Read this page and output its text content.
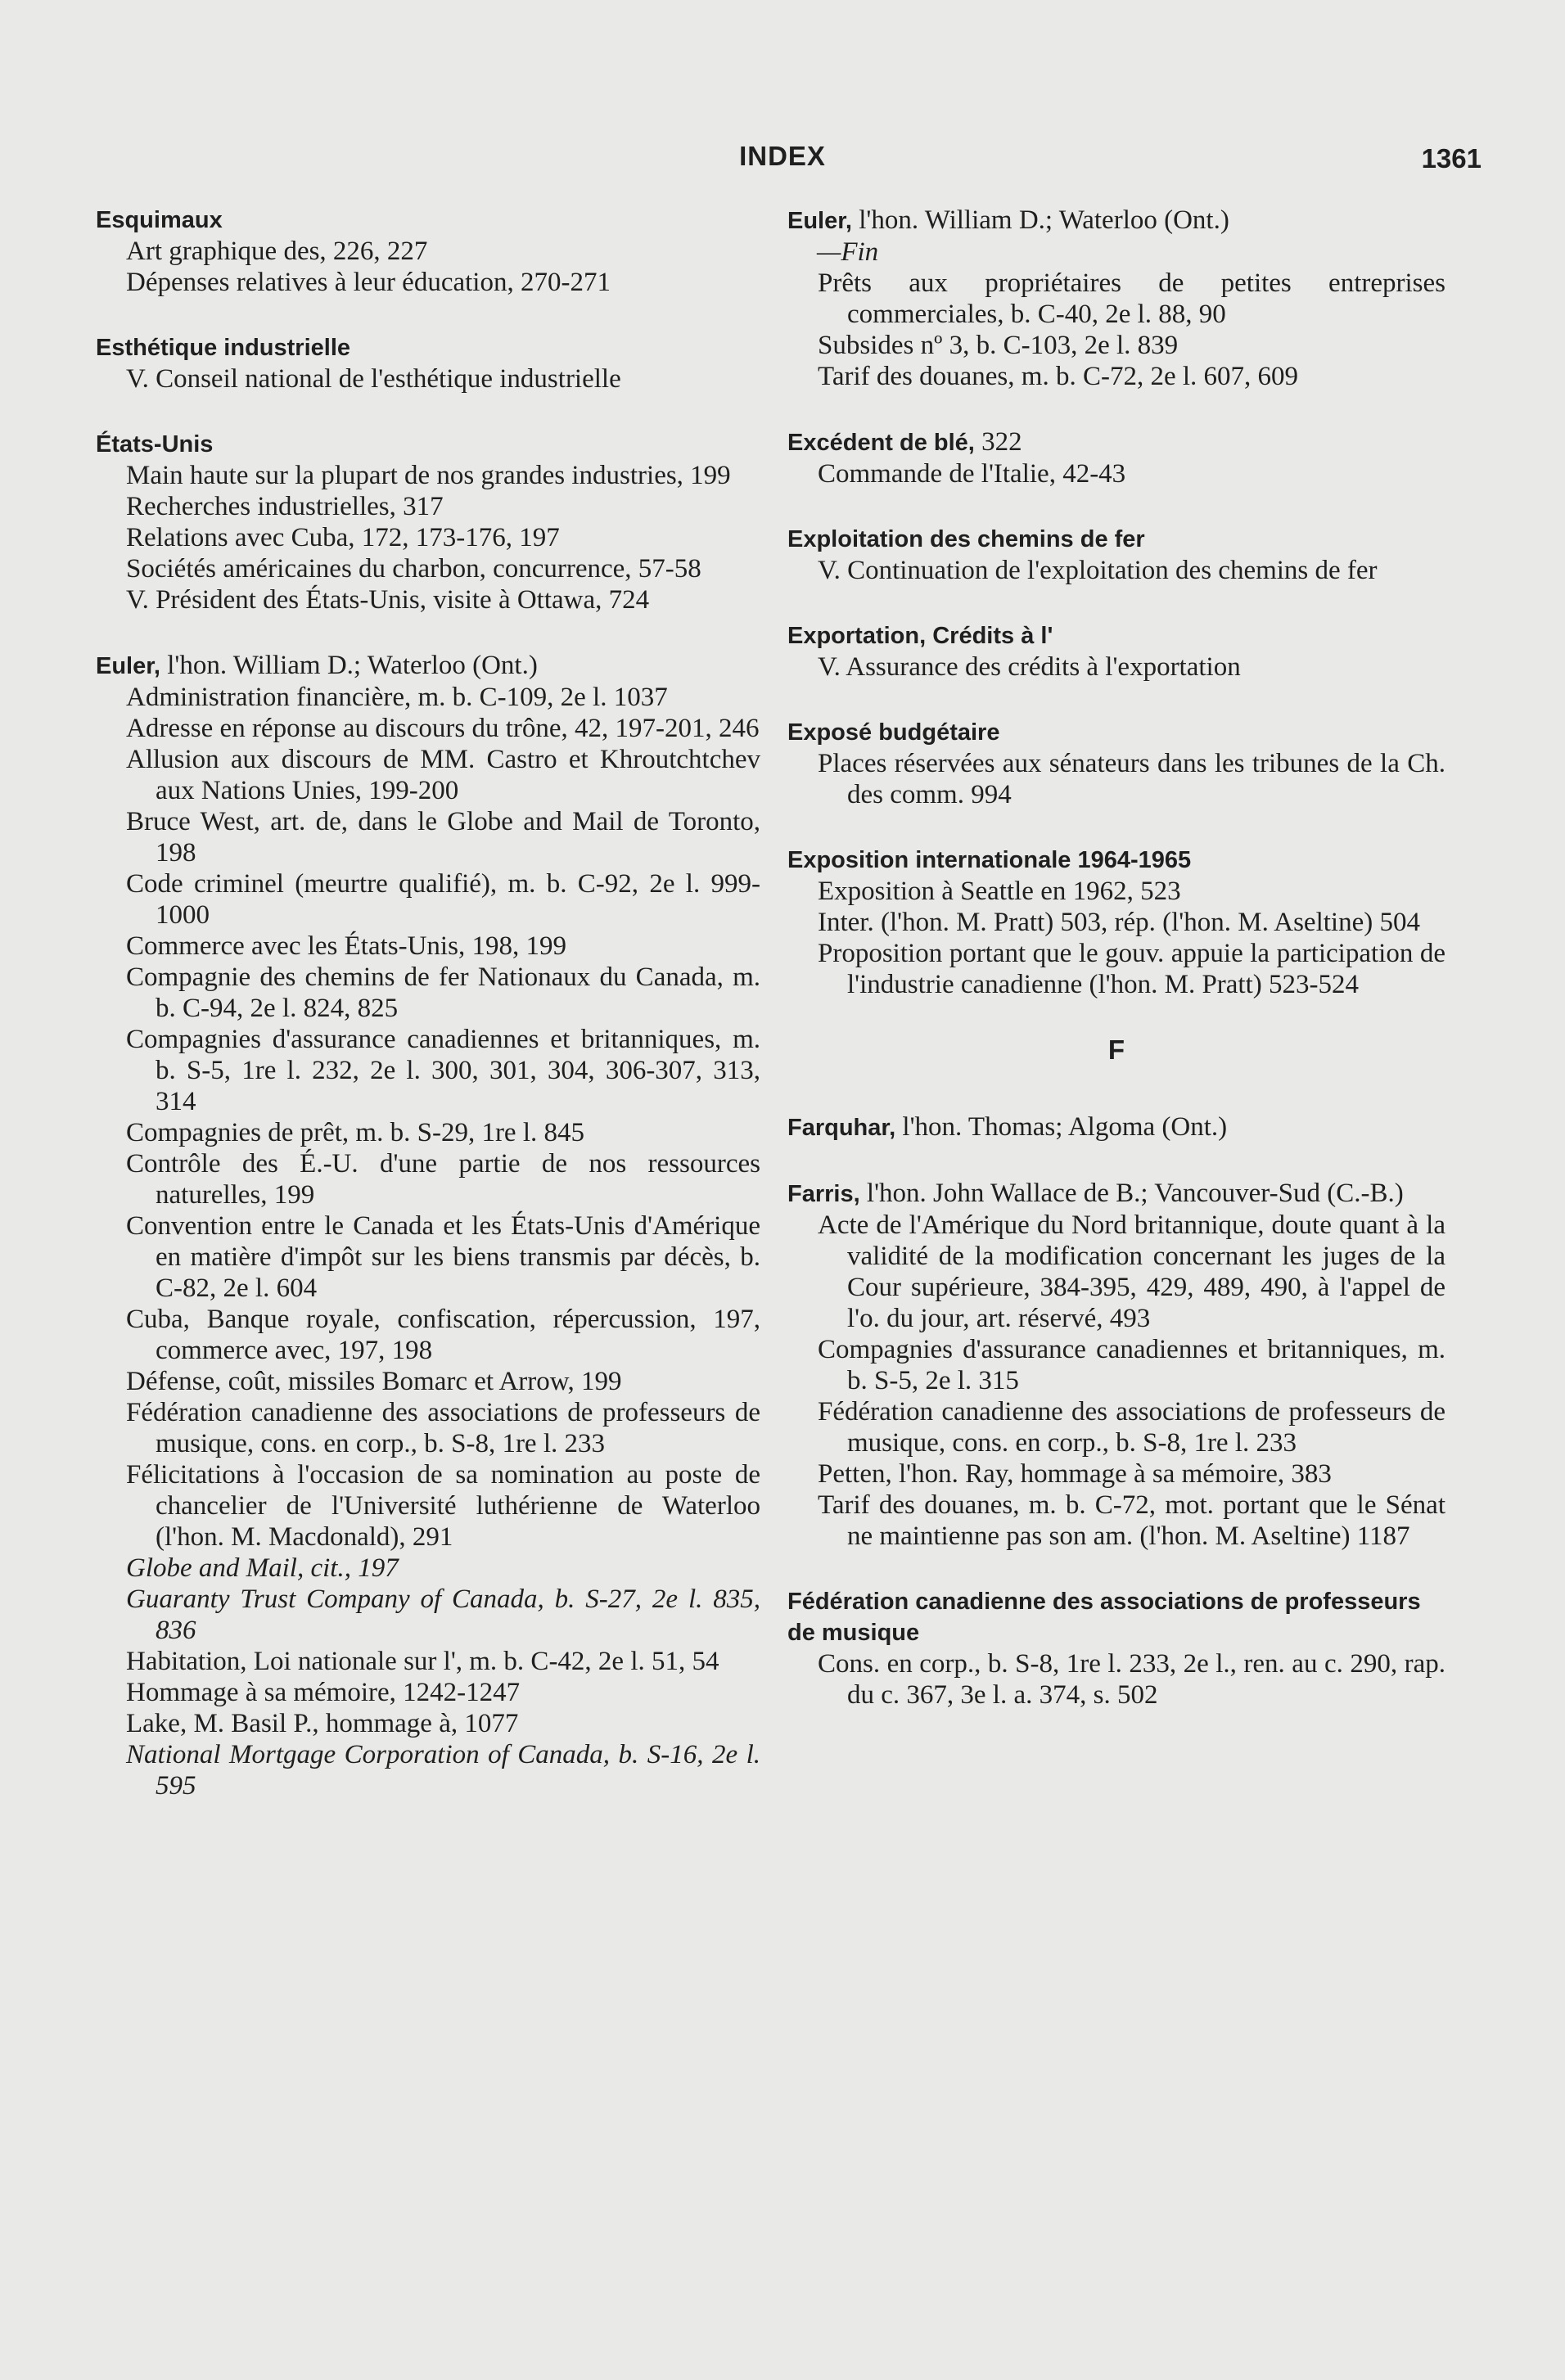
INDEX	1361
Esquimaux

Art graphique des, 226, 227

Dépenses relatives à leur éducation, 270-271

Esthétique industrielle

V. Conseil national de l'esthétique industrielle

États-Unis

Main haute sur la plupart de nos grandes industries, 199

Recherches industrielles, 317

Relations avec Cuba, 172, 173-176, 197

Sociétés américaines du charbon, concurrence, 57-58

V. Président des États-Unis, visite à Ottawa, 724

Euler, l'hon. William D.; Waterloo (Ont.)

Administration financière, m. b. C-109, 2e l. 1037

Adresse en réponse au discours du trône, 42, 197-201, 246

Allusion aux discours de MM. Castro et Khroutchtchev aux Nations Unies, 199-200

Bruce West, art. de, dans le Globe and Mail de Toronto, 198

Code criminel (meurtre qualifié), m. b. C-92, 2e l. 999-1000

Commerce avec les États-Unis, 198, 199

Compagnie des chemins de fer Nationaux du Canada, m. b. C-94, 2e l. 824, 825

Compagnies d'assurance canadiennes et britanniques, m. b. S-5, 1re l. 232, 2e l. 300, 301, 304, 306-307, 313, 314

Compagnies de prêt, m. b. S-29, 1re l. 845

Contrôle des É.-U. d'une partie de nos ressources naturelles, 199

Convention entre le Canada et les États-Unis d'Amérique en matière d'impôt sur les biens transmis par décès, b. C-82, 2e l. 604

Cuba, Banque royale, confiscation, répercussion, 197, commerce avec, 197, 198

Défense, coût, missiles Bomarc et Arrow, 199

Fédération canadienne des associations de professeurs de musique, cons. en corp., b. S-8, 1re l. 233

Félicitations à l'occasion de sa nomination au poste de chancelier de l'Université luthérienne de Waterloo (l'hon. M. Macdonald), 291

Globe and Mail, cit., 197

Guaranty Trust Company of Canada, b. S-27, 2e l. 835, 836

Habitation, Loi nationale sur l', m. b. C-42, 2e l. 51, 54

Hommage à sa mémoire, 1242-1247

Lake, M. Basil P., hommage à, 1077

National Mortgage Corporation of Canada, b. S-16, 2e l. 595

Euler, l'hon. William D.; Waterloo (Ont.)
—Fin

Prêts aux propriétaires de petites entreprises commerciales, b. C-40, 2e l. 88, 90

Subsides nº 3, b. C-103, 2e l. 839

Tarif des douanes, m. b. C-72, 2e l. 607, 609

Excédent de blé, 322

Commande de l'Italie, 42-43

Exploitation des chemins de fer

V. Continuation de l'exploitation des chemins de fer

Exportation, Crédits à l'

V. Assurance des crédits à l'exportation

Exposé budgétaire

Places réservées aux sénateurs dans les tribunes de la Ch. des comm. 994

Exposition internationale 1964-1965

Exposition à Seattle en 1962, 523

Inter. (l'hon. M. Pratt) 503, rép. (l'hon. M. Aseltine) 504

Proposition portant que le gouv. appuie la participation de l'industrie canadienne (l'hon. M. Pratt) 523-524

F
Farquhar, l'hon. Thomas; Algoma (Ont.)
Farris, l'hon. John Wallace de B.; Vancouver-Sud (C.-B.)

Acte de l'Amérique du Nord britannique, doute quant à la validité de la modification concernant les juges de la Cour supérieure, 384-395, 429, 489, 490, à l'appel de l'o. du jour, art. réservé, 493

Compagnies d'assurance canadiennes et britanniques, m. b. S-5, 2e l. 315

Fédération canadienne des associations de professeurs de musique, cons. en corp., b. S-8, 1re l. 233

Petten, l'hon. Ray, hommage à sa mémoire, 383

Tarif des douanes, m. b. C-72, mot. portant que le Sénat ne maintienne pas son am. (l'hon. M. Aseltine) 1187

Fédération canadienne des associations de professeurs de musique

Cons. en corp., b. S-8, 1re l. 233, 2e l., ren. au c. 290, rap. du c. 367, 3e l. a. 374, s. 502
